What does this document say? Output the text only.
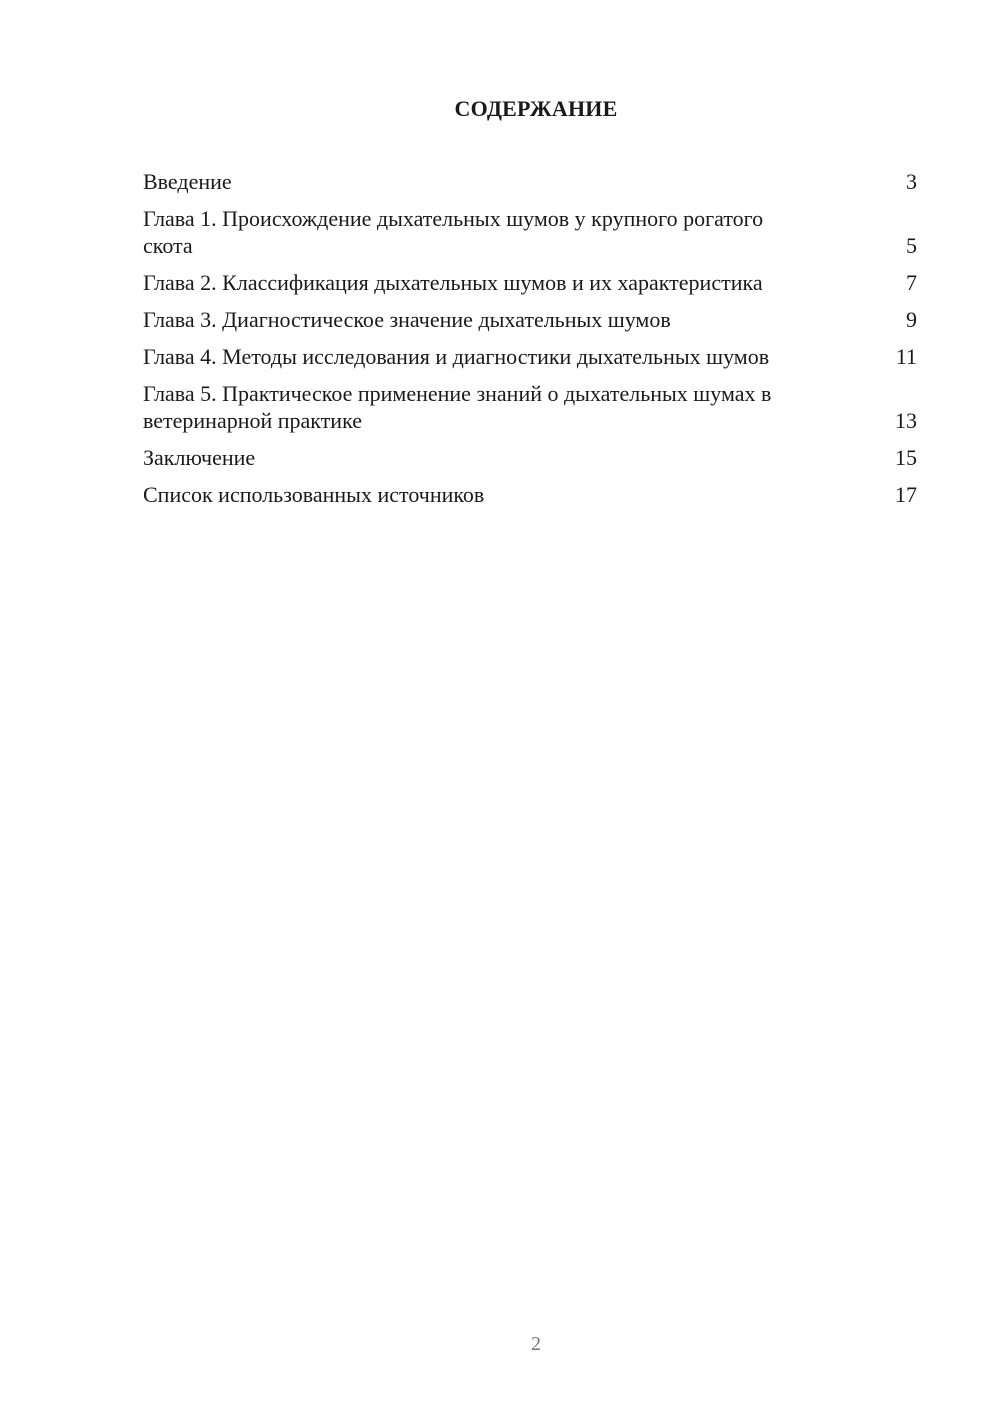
СОДЕРЖАНИЕ
Введение	3
Глава 1. Происхождение дыхательных шумов у крупного рогатого скота	5
Глава 2. Классификация дыхательных шумов и их характеристика	7
Глава 3. Диагностическое значение дыхательных шумов	9
Глава 4. Методы исследования и диагностики дыхательных шумов	11
Глава 5. Практическое применение знаний о дыхательных шумах в ветеринарной практике	13
Заключение	15
Список использованных источников	17
2
